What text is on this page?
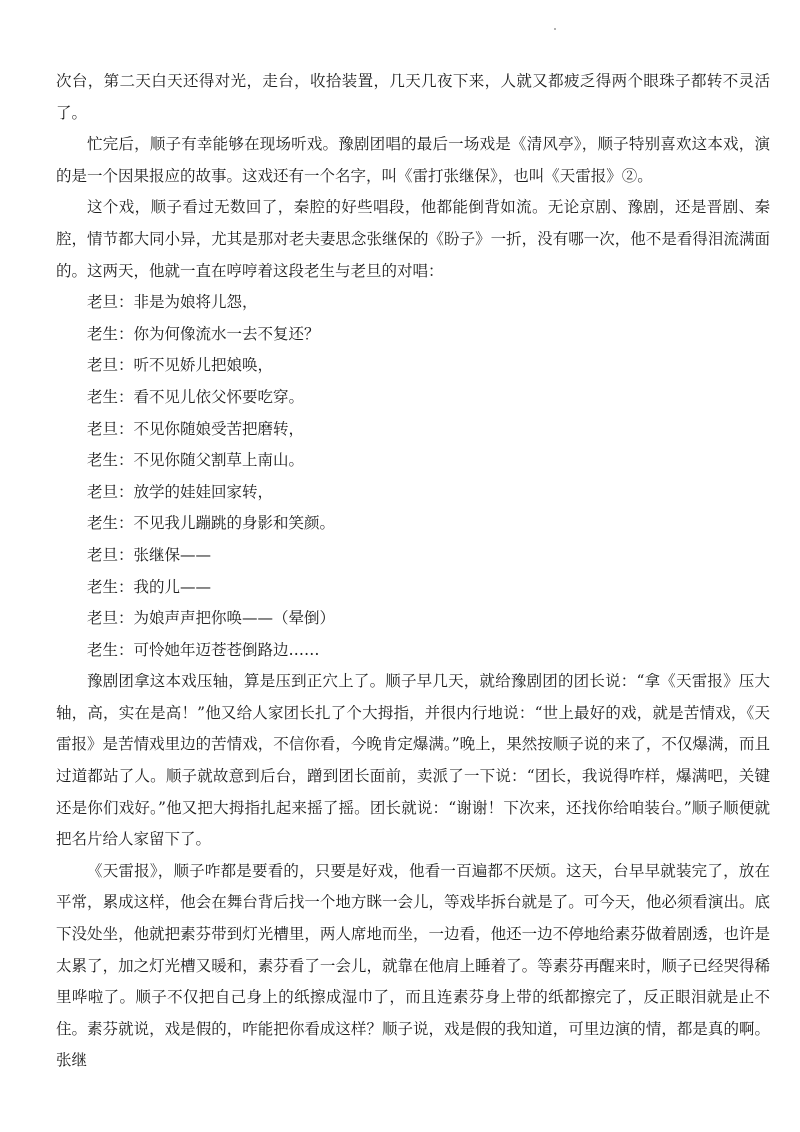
次台，第二天白天还得对光，走台，收拾装置，几天几夜下来，人就又都疲乏得两个眼珠子都转不灵活了。

忙完后，顺子有幸能够在现场听戏。豫剧团唱的最后一场戏是《清风亭》，顺子特别喜欢这本戏，演的是一个因果报应的故事。这戏还有一个名字，叫《雷打张继保》，也叫《天雷报》②。

这个戏，顺子看过无数回了，秦腔的好些唱段，他都能倒背如流。无论京剧、豫剧，还是晋剧、秦腔，情节都大同小异，尤其是那对老夫妻思念张继保的《盼子》一折，没有哪一次，他不是看得泪流满面的。这两天，他就一直在哼哼着这段老生与老旦的对唱：

老旦：非是为娘将儿怨，
老生：你为何像流水一去不复还？
老旦：听不见娇儿把娘唤，
老生：看不见儿依父怀要吃穿。
老旦：不见你随娘受苦把磨转，
老生：不见你随父割草上南山。
老旦：放学的娃娃回家转，
老生：不见我儿蹦跳的身影和笑颜。
老旦：张继保——
老生：我的儿——
老旦：为娘声声把你唤——（晕倒）
老生：可怜她年迈苍苍倒路边……

豫剧团拿这本戏压轴，算是压到正穴上了。顺子早几天，就给豫剧团的团长说：“拿《天雷报》压大轴，高，实在是高！”他又给人家团长扎了个大拇指，并很内行地说：“世上最好的戏，就是苦情戏，《天雷报》是苦情戏里边的苦情戏，不信你看，今晚肯定爆满。”晚上，果然按顺子说的来了，不仅爆满，而且过道都站了人。顺子就故意到后台，蹭到团长面前，卖派了一下说：“团长，我说得咋样，爆满吧，关键还是你们戏好。”他又把大拇指扎起来摇了摇。团长就说：“谢谢！下次来，还找你给咱装台。”顺子顺便就把名片给人家留下了。

《天雷报》，顺子咋都是要看的，只要是好戏，他看一百遍都不厌烦。这天，台早早就装完了，放在平常，累成这样，他会在舞台背后找一个地方眯一会儿，等戏毕拆台就是了。可今天，他必须看演出。底下没处坐，他就把素芬带到灯光槽里，两人席地而坐，一边看，他还一边不停地给素芬做着剧透，也许是太累了，加之灯光槽又暖和，素芬看了一会儿，就靠在他肩上睡着了。等素芬再醒来时，顺子已经哭得稀里哗啦了。顺子不仅把自己身上的纸擦成湿巾了，而且连素芬身上带的纸都擦完了，反正眼泪就是止不住。素芬就说，戏是假的，咋能把你看成这样？顺子说，戏是假的我知道，可里边演的情，都是真的啊。张继
